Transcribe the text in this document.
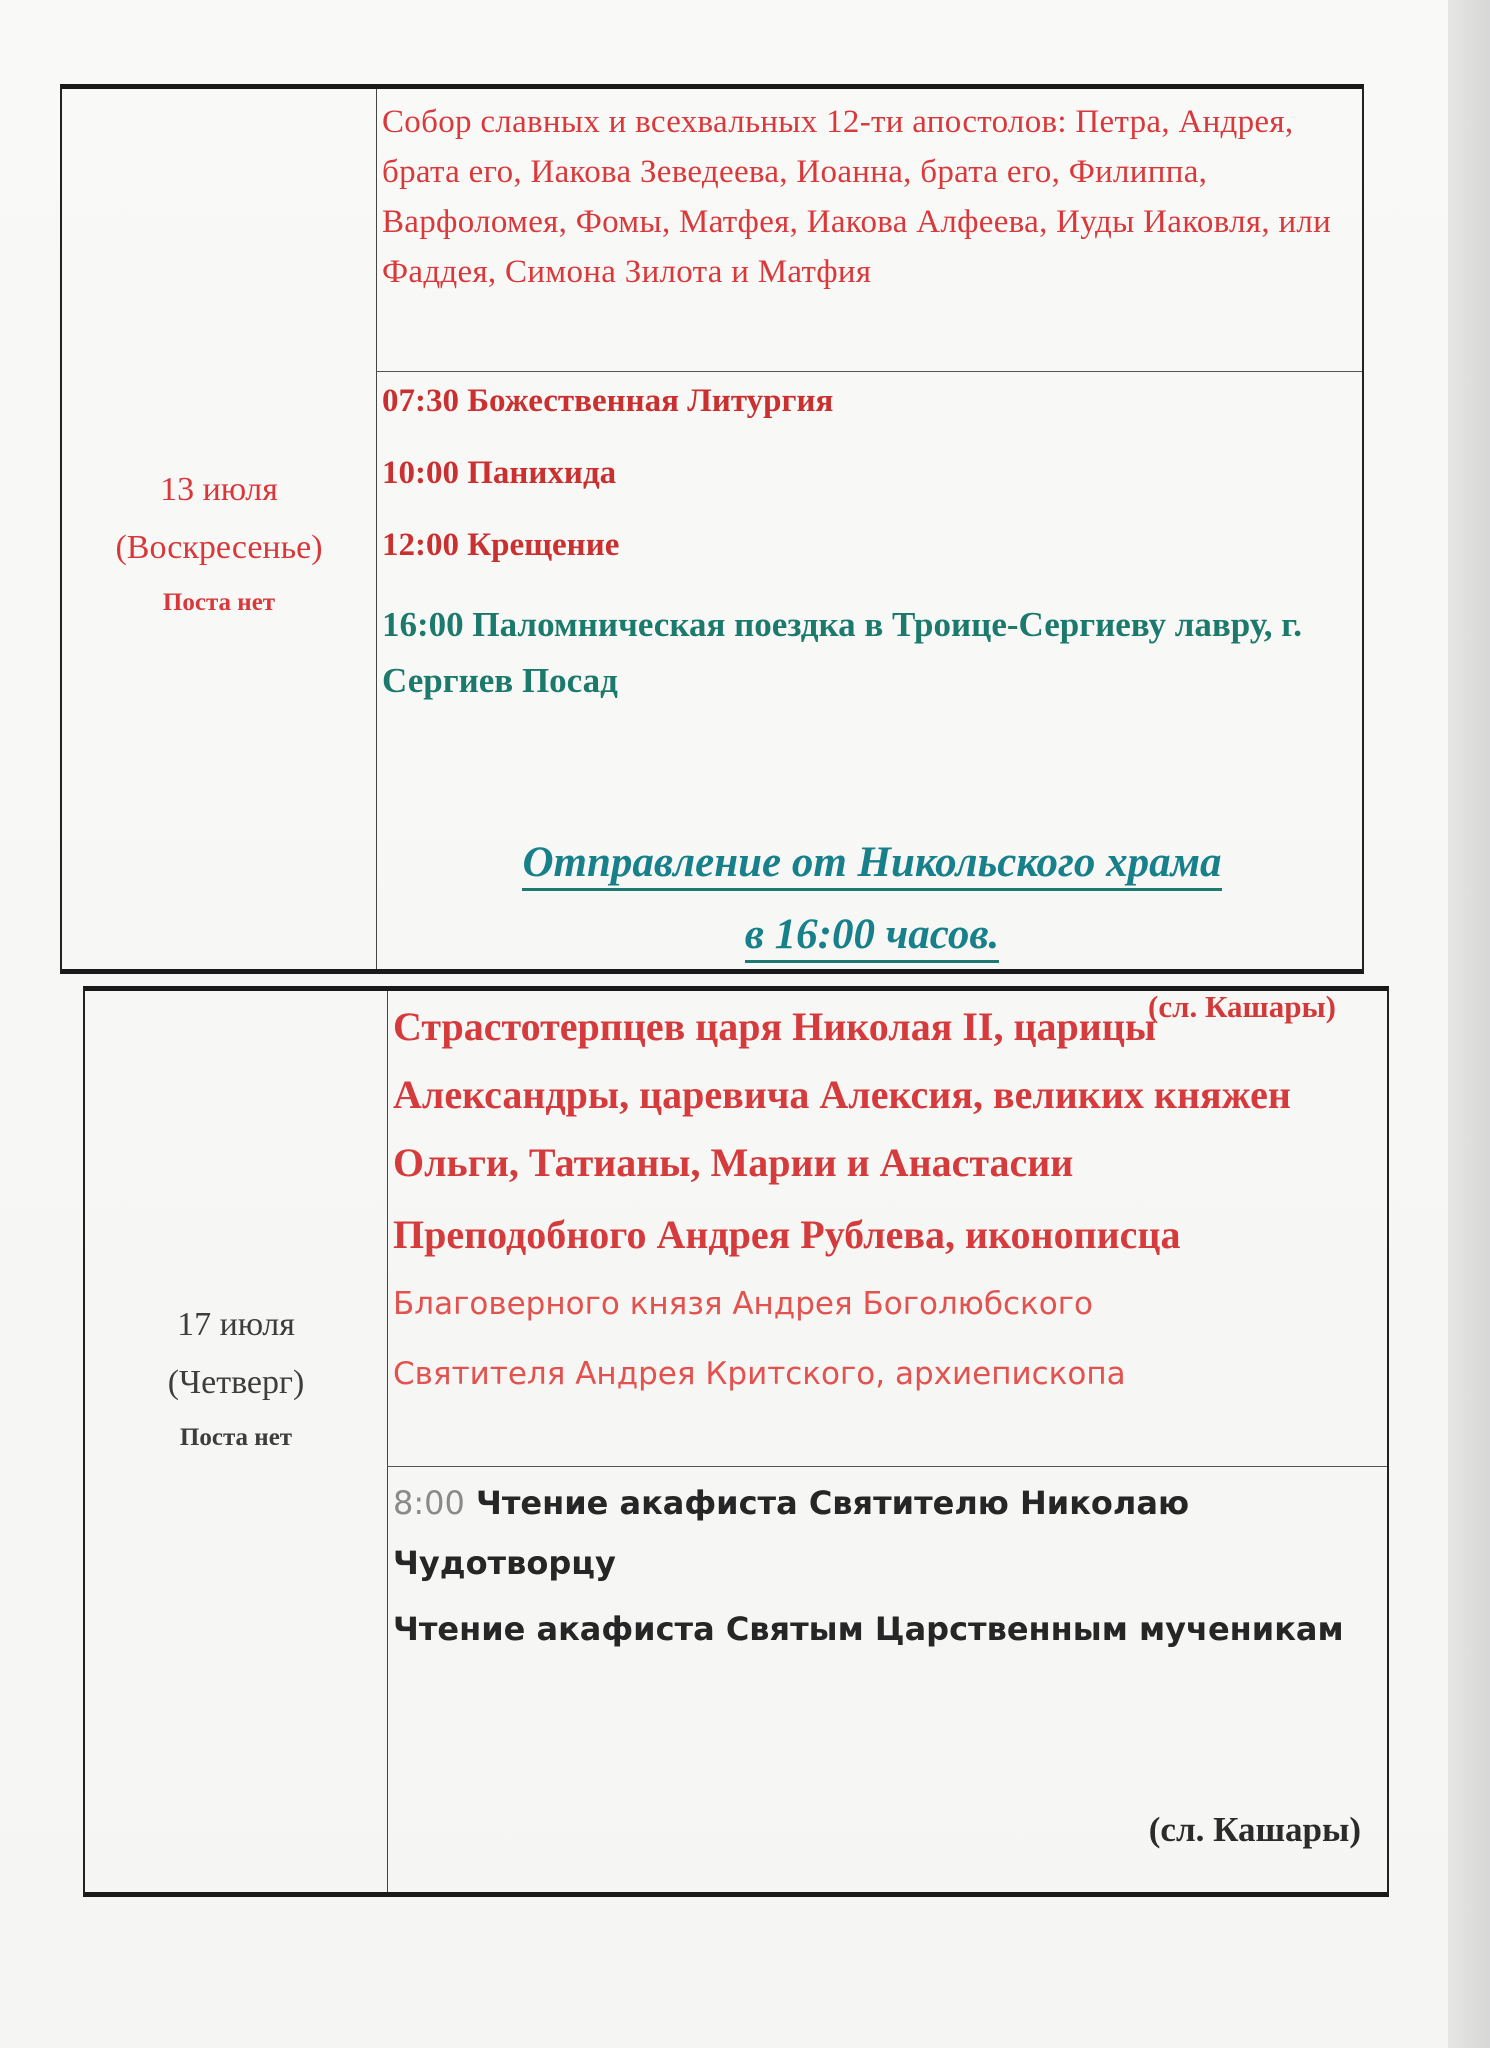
13 июля
(Воскресенье)
Поста нет
Собор славных и всехвальных 12-ти апостолов: Петра, Андрея, брата его, Иакова Зеведеева, Иоанна, брата его, Филиппа, Варфоломея, Фомы, Матфея, Иакова Алфеева, Иуды Иаковля, или Фаддея, Симона Зилота и Матфия
07:30 Божественная Литургия
10:00 Панихида
12:00 Крещение
16:00 Паломническая поездка в Троице-Сергиеву лавру, г. Сергиев Посад
Отправление от Никольского храма
в 16:00 часов.
(сл. Кашары)
17 июля
(Четверг)
Поста нет
Страстотерпцев царя Николая II, царицы Александры, царевича Алексия, великих княжен Ольги, Татианы, Марии и Анастасии
Преподобного Андрея Рублева, иконописца
Благоверного князя Андрея Боголюбского
Святителя Андрея Критского, архиепископа
8:00 Чтение акафиста Святителю Николаю Чудотворцу
Чтение акафиста Святым Царственным мученикам
(сл. Кашары)
